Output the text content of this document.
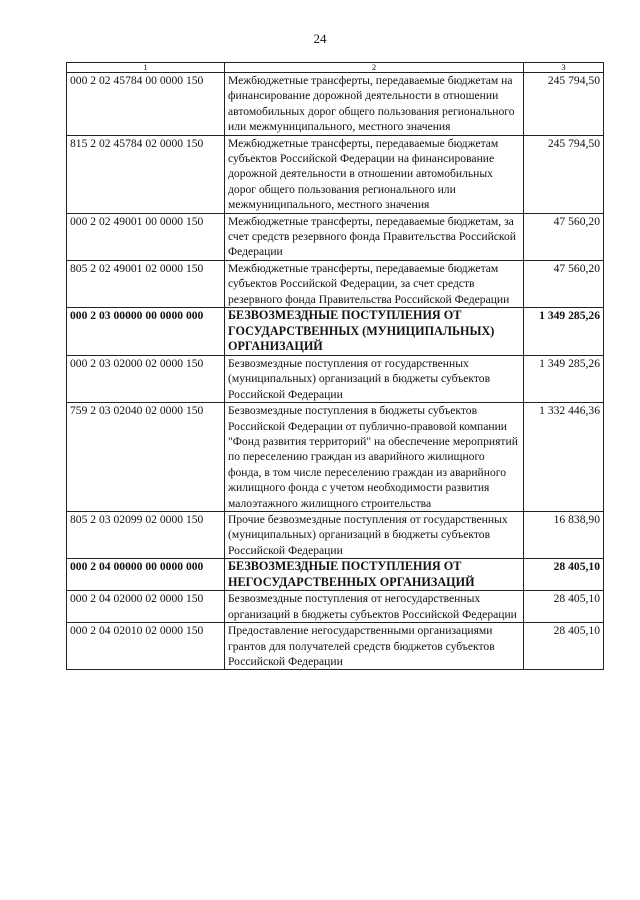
24
1	2	3
000 2 02 45784 00 0000 150	Межбюджетные трансферты, передаваемые бюджетам на финансирование дорожной деятельности в отношении автомобильных дорог общего пользования регионального или межмуниципального, местного значения	245 794,50
815 2 02 45784 02 0000 150	Межбюджетные трансферты, передаваемые бюджетам субъектов Российской Федерации на финансирование дорожной деятельности в отношении автомобильных дорог общего пользования регионального или межмуниципального, местного значения	245 794,50
000 2 02 49001 00 0000 150	Межбюджетные трансферты, передаваемые бюджетам, за счет средств резервного фонда Правительства Российской Федерации	47 560,20
805 2 02 49001 02 0000 150	Межбюджетные трансферты, передаваемые бюджетам субъектов Российской Федерации, за счет средств резервного фонда Правительства Российской Федерации	47 560,20
000 2 03 00000 00 0000 000	БЕЗВОЗМЕЗДНЫЕ ПОСТУПЛЕНИЯ ОТ ГОСУДАРСТВЕННЫХ (МУНИЦИПАЛЬНЫХ) ОРГАНИЗАЦИЙ	1 349 285,26
000 2 03 02000 02 0000 150	Безвозмездные поступления от государственных (муниципальных) организаций в бюджеты субъектов Российской Федерации	1 349 285,26
759 2 03 02040 02 0000 150	Безвозмездные поступления в бюджеты субъектов Российской Федерации от публично-правовой компании "Фонд развития территорий" на обеспечение мероприятий по переселению граждан из аварийного жилищного фонда, в том числе переселению граждан из аварийного жилищного фонда с учетом необходимости развития малоэтажного жилищного строительства	1 332 446,36
805 2 03 02099 02 0000 150	Прочие безвозмездные поступления от государственных (муниципальных) организаций в бюджеты субъектов Российской Федерации	16 838,90
000 2 04 00000 00 0000 000	БЕЗВОЗМЕЗДНЫЕ ПОСТУПЛЕНИЯ ОТ НЕГОСУДАРСТВЕННЫХ ОРГАНИЗАЦИЙ	28 405,10
000 2 04 02000 02 0000 150	Безвозмездные поступления от негосударственных организаций в бюджеты субъектов Российской Федерации	28 405,10
000 2 04 02010 02 0000 150	Предоставление негосударственными организациями грантов для получателей средств бюджетов субъектов Российской Федерации	28 405,10
